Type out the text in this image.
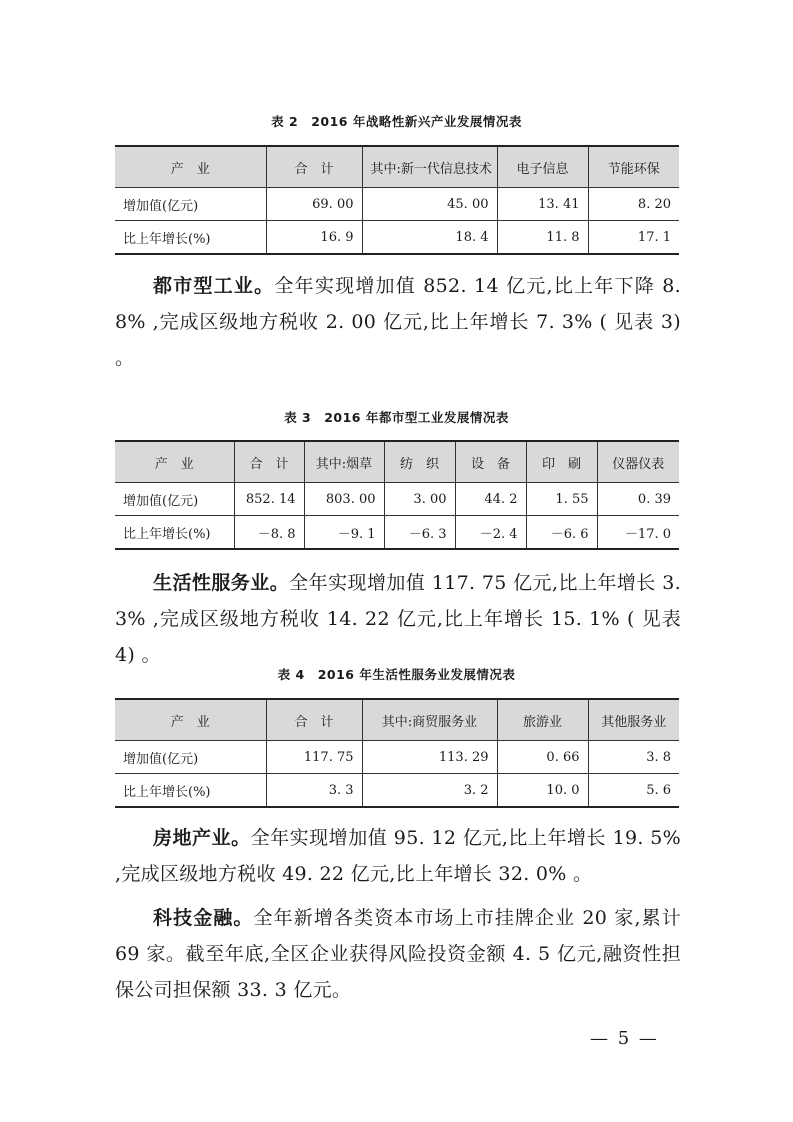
表 2　2016 年战略性新兴产业发展情况表
产　业	合　计	其中:新一代信息技术	电子信息	节能环保
增加值(亿元)	69. 00	45. 00	13. 41	8. 20
比上年增长(%)	16. 9	18. 4	11. 8	17. 1

都市型工业。全年实现增加值 852. 14 亿元,比上年下降 8. 8% ,完成区级地方税收 2. 00 亿元,比上年增长 7. 3% ( 见表 3) 。

表 3　2016 年都市型工业发展情况表
产　业	合　计	其中:烟草	纺　织	设　备	印　刷	仪器仪表
增加值(亿元)	852. 14	803. 00	3. 00	44. 2	1. 55	0. 39
比上年增长(%)	－8. 8	－9. 1	－6. 3	－2. 4	－6. 6	－17. 0

生活性服务业。全年实现增加值 117. 75 亿元,比上年增长 3. 3% ,完成区级地方税收 14. 22 亿元,比上年增长 15. 1% ( 见表 4) 。

表 4　2016 年生活性服务业发展情况表
产　业	合　计	其中:商贸服务业	旅游业	其他服务业
增加值(亿元)	117. 75	113. 29	0. 66	3. 8
比上年增长(%)	3. 3	3. 2	10. 0	5. 6

房地产业。全年实现增加值 95. 12 亿元,比上年增长 19. 5% ,完成区级地方税收 49. 22 亿元,比上年增长 32. 0% 。

科技金融。全年新增各类资本市场上市挂牌企业 20 家,累计 69 家。截至年底,全区企业获得风险投资金额 4. 5 亿元,融资性担保公司担保额 33. 3 亿元。

— 5 —
